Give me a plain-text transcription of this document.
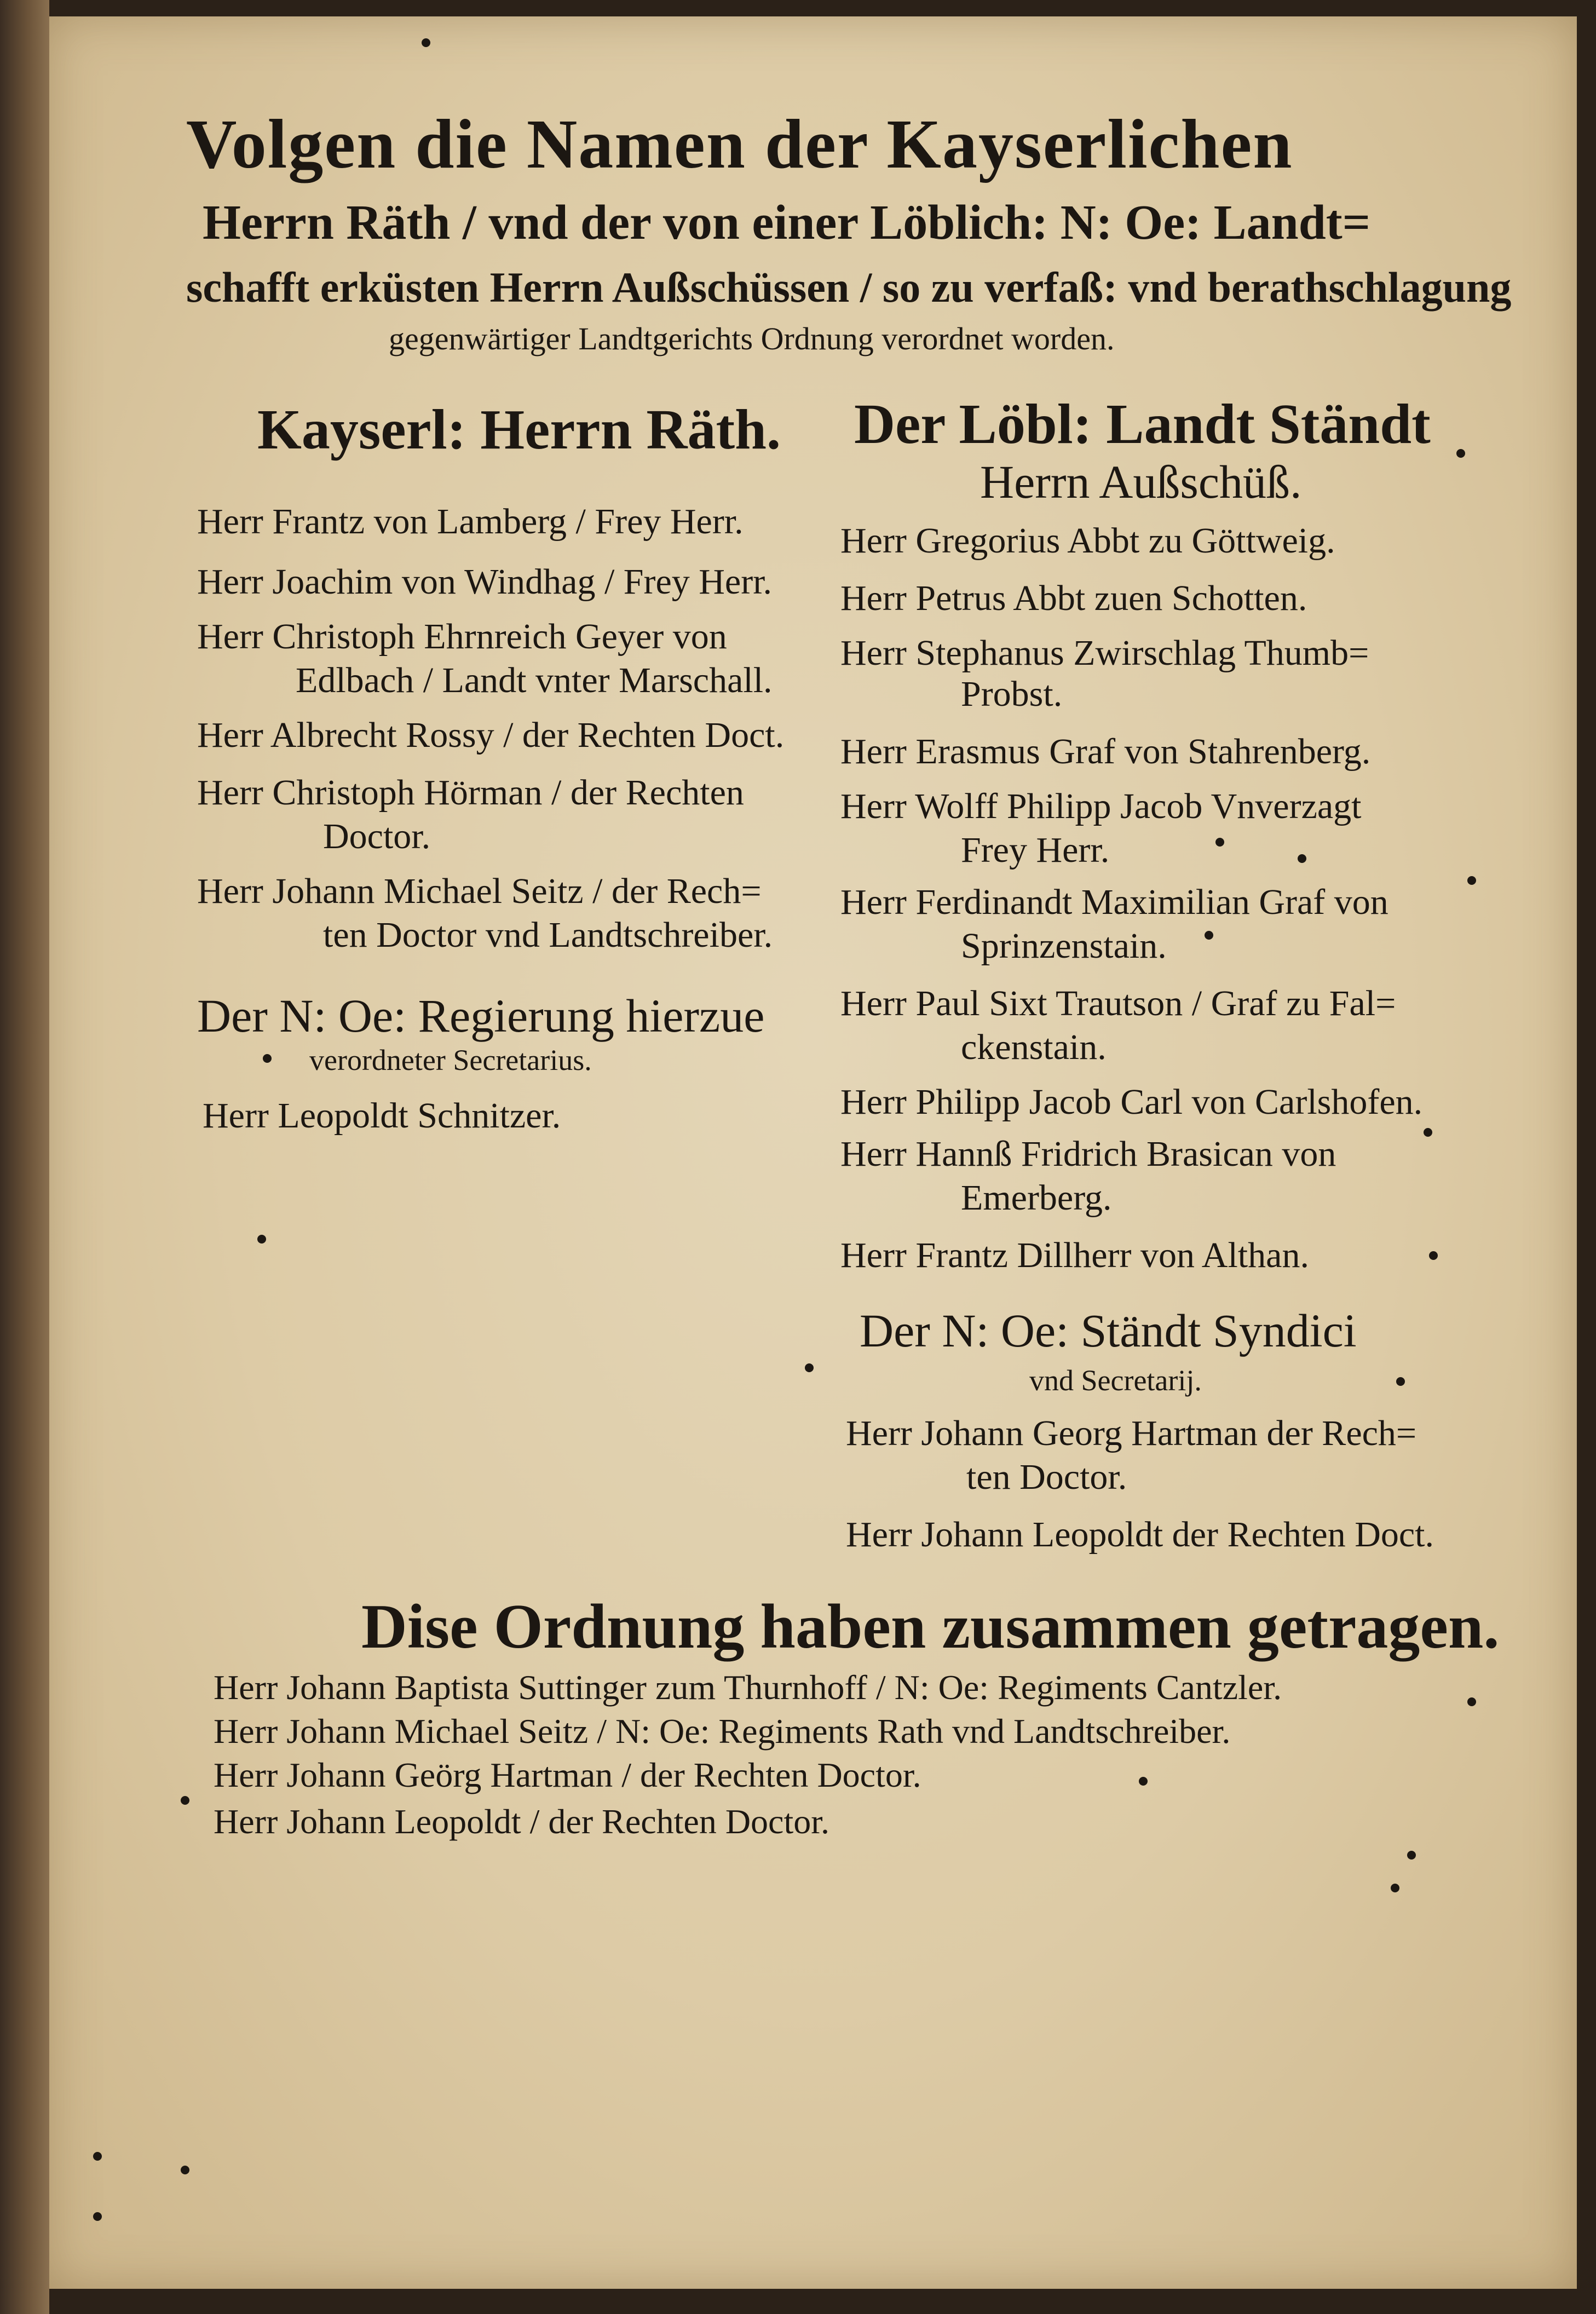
Volgen die Namen der Kayserlichen
Herrn Räth / vnd der von einer Löblich: N: Oe: Landt=
schafft erküsten Herrn Außschüssen / so zu verfaß: vnd berathschlagung
gegenwärtiger Landtgerichts Ordnung verordnet worden.
Kayserl: Herrn Räth.
Herr Frantz von Lamberg / Frey Herr.
Herr Joachim von Windhag / Frey Herr.
Herr Christoph Ehrnreich Geyer von
Edlbach / Landt vnter Marschall.
Herr Albrecht Rossy / der Rechten Doct.
Herr Christoph Hörman / der Rechten
Doctor.
Herr Johann Michael Seitz / der Rech=
ten Doctor vnd Landtschreiber.
Der N: Oe: Regierung hierzue
verordneter Secretarius.
Herr Leopoldt Schnitzer.
Der Löbl: Landt Ständt
Herrn Außschüß.
Herr Gregorius Abbt zu Göttweig.
Herr Petrus Abbt zuen Schotten.
Herr Stephanus Zwirschlag Thumb=
Probst.
Herr Erasmus Graf von Stahrenberg.
Herr Wolff Philipp Jacob Vnverzagt
Frey Herr.
Herr Ferdinandt Maximilian Graf von
Sprinzenstain.
Herr Paul Sixt Trautson / Graf zu Fal=
ckenstain.
Herr Philipp Jacob Carl von Carlshofen.
Herr Hannß Fridrich Brasican von
Emerberg.
Herr Frantz Dillherr von Althan.
Der N: Oe: Ständt Syndici
vnd Secretarij.
Herr Johann Georg Hartman der Rech=
ten Doctor.
Herr Johann Leopoldt der Rechten Doct.
Dise Ordnung haben zusammen getragen.
Herr Johann Baptista Suttinger zum Thurnhoff / N: Oe: Regiments Cantzler.
Herr Johann Michael Seitz / N: Oe: Regiments Rath vnd Landtschreiber.
Herr Johann Geörg Hartman / der Rechten Doctor.
Herr Johann Leopoldt / der Rechten Doctor.
